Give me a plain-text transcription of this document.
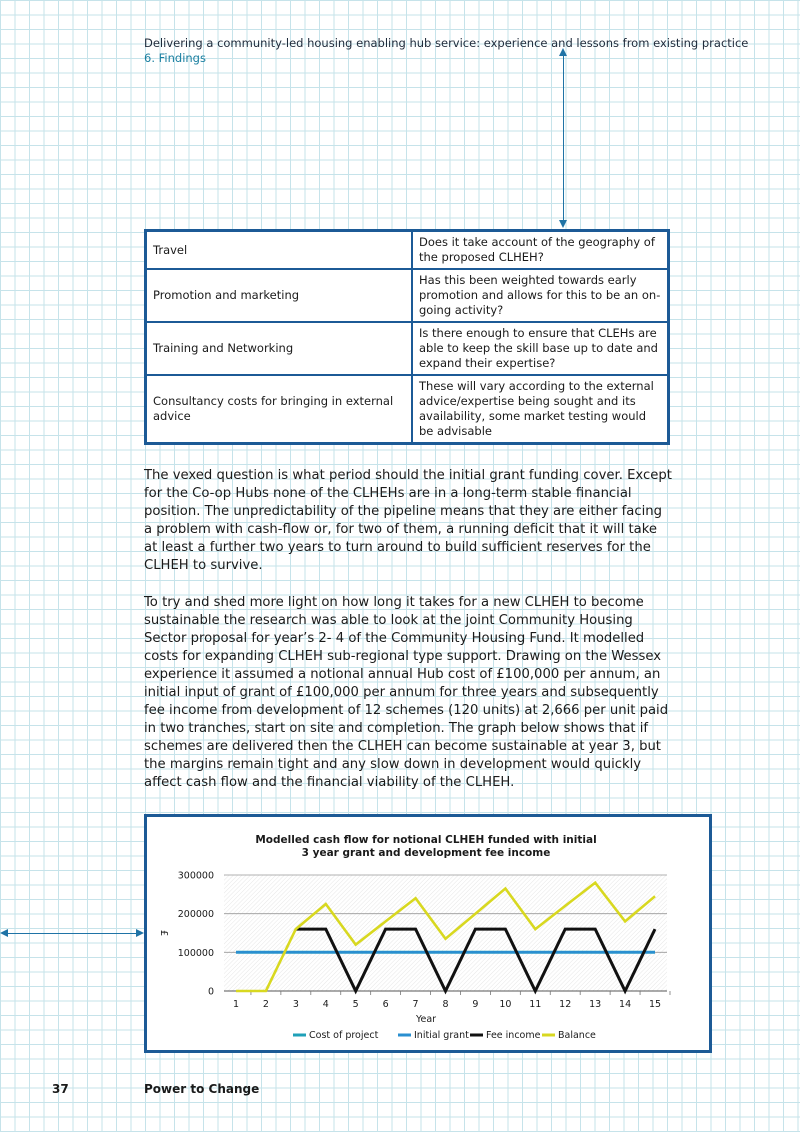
Delivering a community-led housing enabling hub service: experience and lessons from existing practice
6. Findings
Travel	Does it take account of the geography of the proposed CLHEH?
Promotion and marketing	Has this been weighted towards early promotion and allows for this to be an on-going activity?
Training and Networking	Is there enough to ensure that CLEHs are able to keep the skill base up to date and expand their expertise?
Consultancy costs for bringing in external advice	These will vary according to the external advice/expertise being sought and its availability, some market testing would be advisable

The vexed question is what period should the initial grant funding cover. Except for the Co-op Hubs none of the CLHEHs are in a long-term stable financial position. The unpredictability of the pipeline means that they are either facing a problem with cash-flow or, for two of them, a running deficit that it will take at least a further two years to turn around to build sufficient reserves for the CLHEH to survive.

To try and shed more light on how long it takes for a new CLHEH to become sustainable the research was able to look at the joint Community Housing Sector proposal for year’s 2- 4 of the Community Housing Fund. It modelled costs for expanding CLHEH sub-regional type support. Drawing on the Wessex experience it assumed a notional annual Hub cost of £100,000 per annum, an initial input of grant of £100,000 per annum for three years and subsequently fee income from development of 12 schemes (120 units) at 2,666 per unit paid in two tranches, start on site and completion. The graph below shows that if schemes are delivered then the CLHEH can become sustainable at year 3, but the margins remain tight and any slow down in development would quickly affect cash flow and the financial viability of the CLHEH.

Modelled cash flow for notional CLHEH funded with initial
3 year grant and development fee income
0
100000
200000
300000
1	2	3	4	5	6	7	8	9 10 11 12 13 14 15
Year
£
Cost of project	Initial grant Fee income Balance
37	Power to Change
